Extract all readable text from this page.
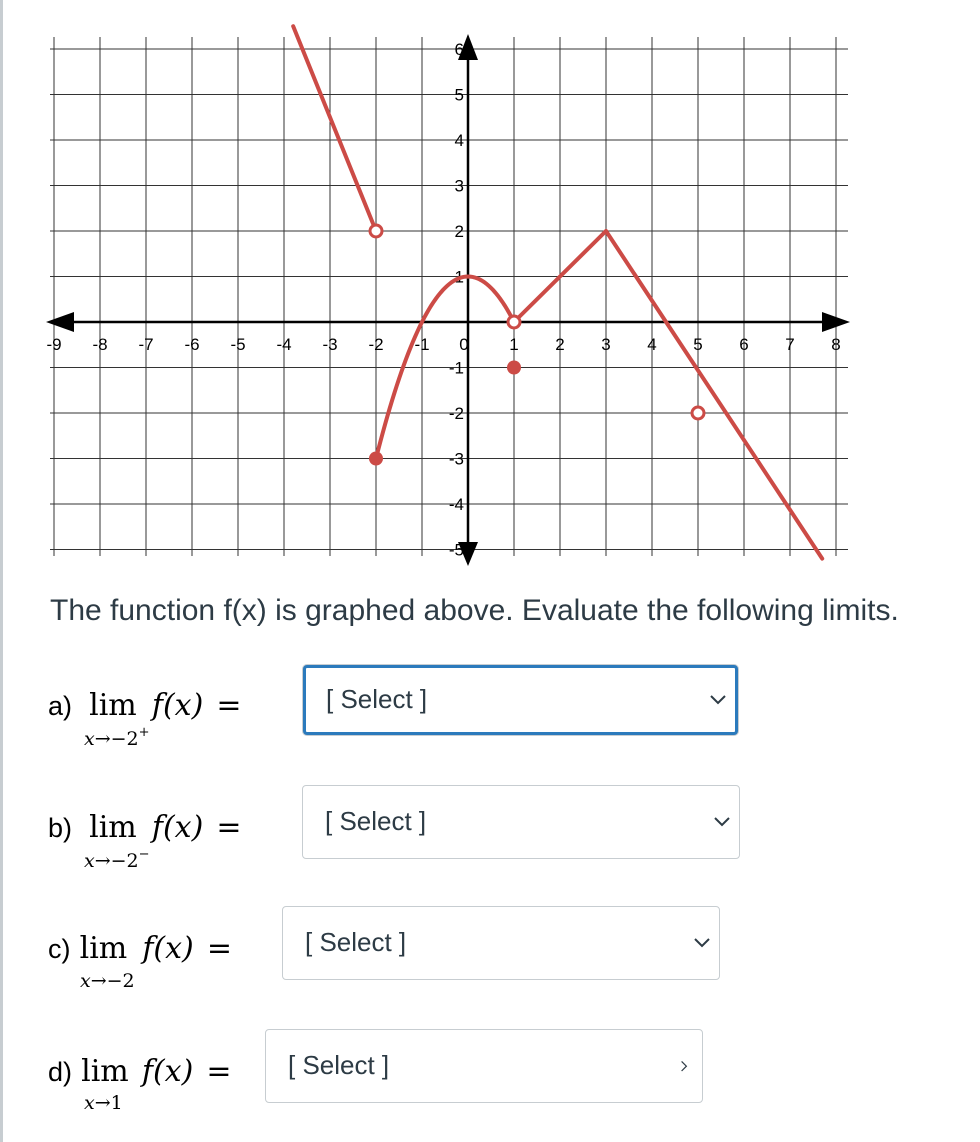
-9 -8 -7 -6 -5 -4 -3 -2 -1 0 1 2 3 4 5 6 7 8
-5
-4
-3
-2
-1
1
2
3
4
5
6
The function f(x) is graphed above. Evaluate the following limits.
a) lim f(x) =
x→−2+
[ Select ]
b) lim f(x) =
x→−2−
[ Select ]
c) lim f(x) =
x→−2
[ Select ]
d) lim f(x) =
x→1
[ Select ]
